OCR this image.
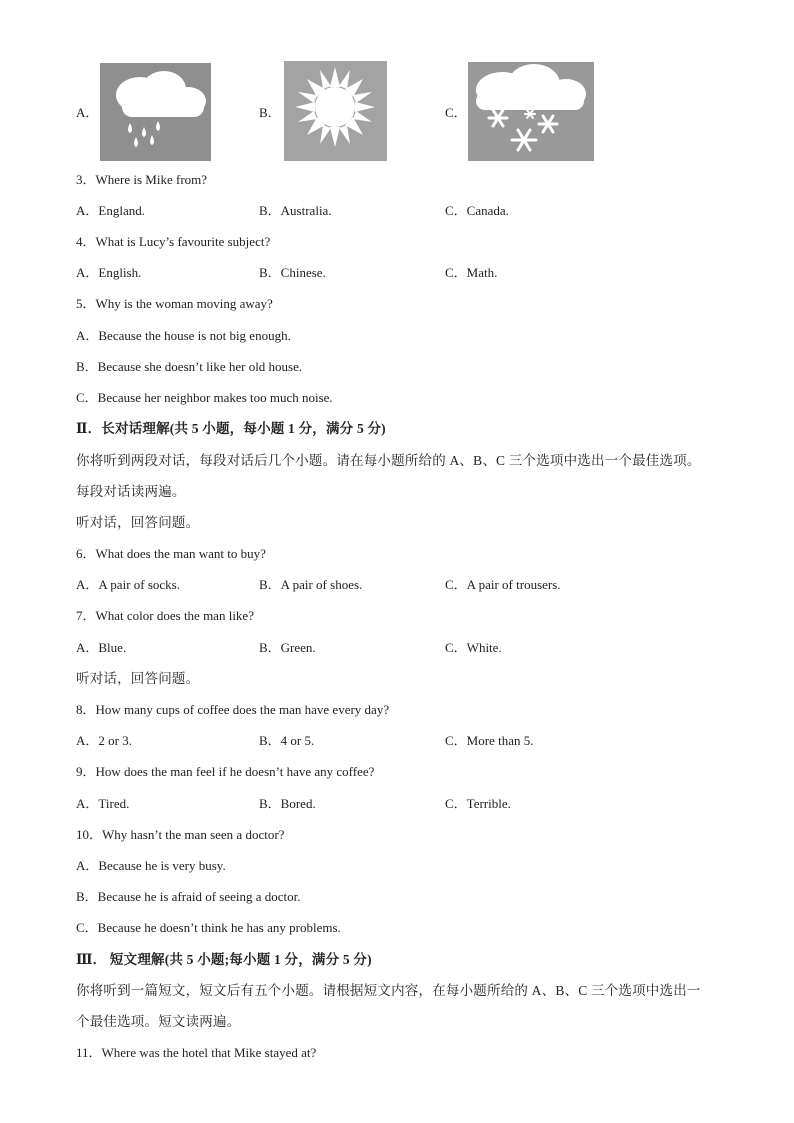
A．	B．	C．
3．Where is Mike from?
A．England.	B．Australia.	C．Canada.
4．What is Lucy’s favourite subject?
A．English.	B．Chinese.	C．Math.
5．Why is the woman moving away?
A．Because the house is not big enough.
B．Because she doesn’t like her old house.
C．Because her neighbor makes too much noise.
Ⅱ．长对话理解(共 5 小题，每小题 1 分，满分 5 分)
你将听到两段对话，每段对话后几个小题。请在每小题所给的 A、B、C 三个选项中选出一个最佳选项。
每段对话读两遍。
听对话，回答问题。
6．What does the man want to buy?
A．A pair of socks.	B．A pair of shoes.	C．A pair of trousers.
7．What color does the man like?
A．Blue.	B．Green.	C．White.
听对话，回答问题。
8．How many cups of coffee does the man have every day?
A．2 or 3.	B．4 or 5.	C．More than 5.
9．How does the man feel if he doesn’t have any coffee?
A．Tired.	B．Bored.	C．Terrible.
10．Why hasn’t the man seen a doctor?
A．Because he is very busy.
B．Because he is afraid of seeing a doctor.
C．Because he doesn’t think he has any problems.
Ⅲ． 短文理解(共 5 小题;每小题 1 分，满分 5 分)
你将听到一篇短文，短文后有五个小题。请根据短文内容，在每小题所给的 A、B、C 三个选项中选出一
个最佳选项。短文读两遍。
11．Where was the hotel that Mike stayed at?
